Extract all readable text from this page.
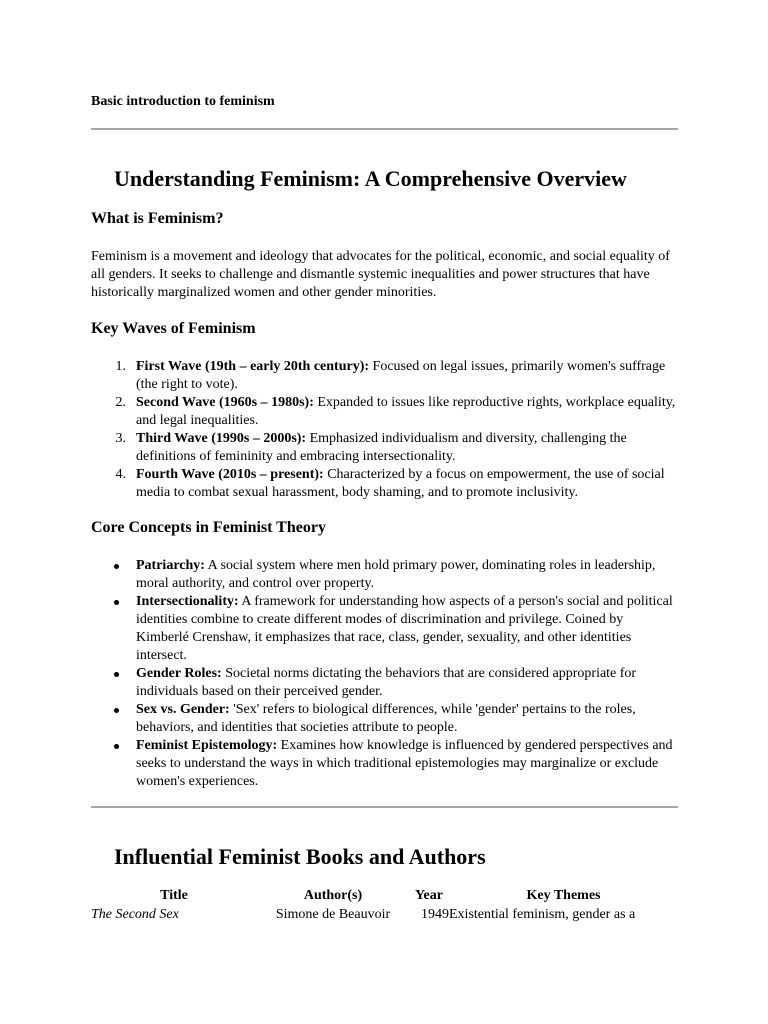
Basic introduction to feminism
Understanding Feminism: A Comprehensive Overview
What is Feminism?
Feminism is a movement and ideology that advocates for the political, economic, and social equality of all genders. It seeks to challenge and dismantle systemic inequalities and power structures that have historically marginalized women and other gender minorities.
Key Waves of Feminism
1. First Wave (19th – early 20th century): Focused on legal issues, primarily women's suffrage (the right to vote).
2. Second Wave (1960s – 1980s): Expanded to issues like reproductive rights, workplace equality, and legal inequalities.
3. Third Wave (1990s – 2000s): Emphasized individualism and diversity, challenging the definitions of femininity and embracing intersectionality.
4. Fourth Wave (2010s – present): Characterized by a focus on empowerment, the use of social media to combat sexual harassment, body shaming, and to promote inclusivity.
Core Concepts in Feminist Theory
Patriarchy: A social system where men hold primary power, dominating roles in leadership, moral authority, and control over property.
Intersectionality: A framework for understanding how aspects of a person's social and political identities combine to create different modes of discrimination and privilege. Coined by Kimberlé Crenshaw, it emphasizes that race, class, gender, sexuality, and other identities intersect.
Gender Roles: Societal norms dictating the behaviors that are considered appropriate for individuals based on their perceived gender.
Sex vs. Gender: 'Sex' refers to biological differences, while 'gender' pertains to the roles, behaviors, and identities that societies attribute to people.
Feminist Epistemology: Examines how knowledge is influenced by gendered perspectives and seeks to understand the ways in which traditional epistemologies may marginalize or exclude women's experiences.
Influential Feminist Books and Authors
Title	Author(s)	Year	Key Themes
The Second Sex	Simone de Beauvoir	1949	Existential feminism, gender as a
